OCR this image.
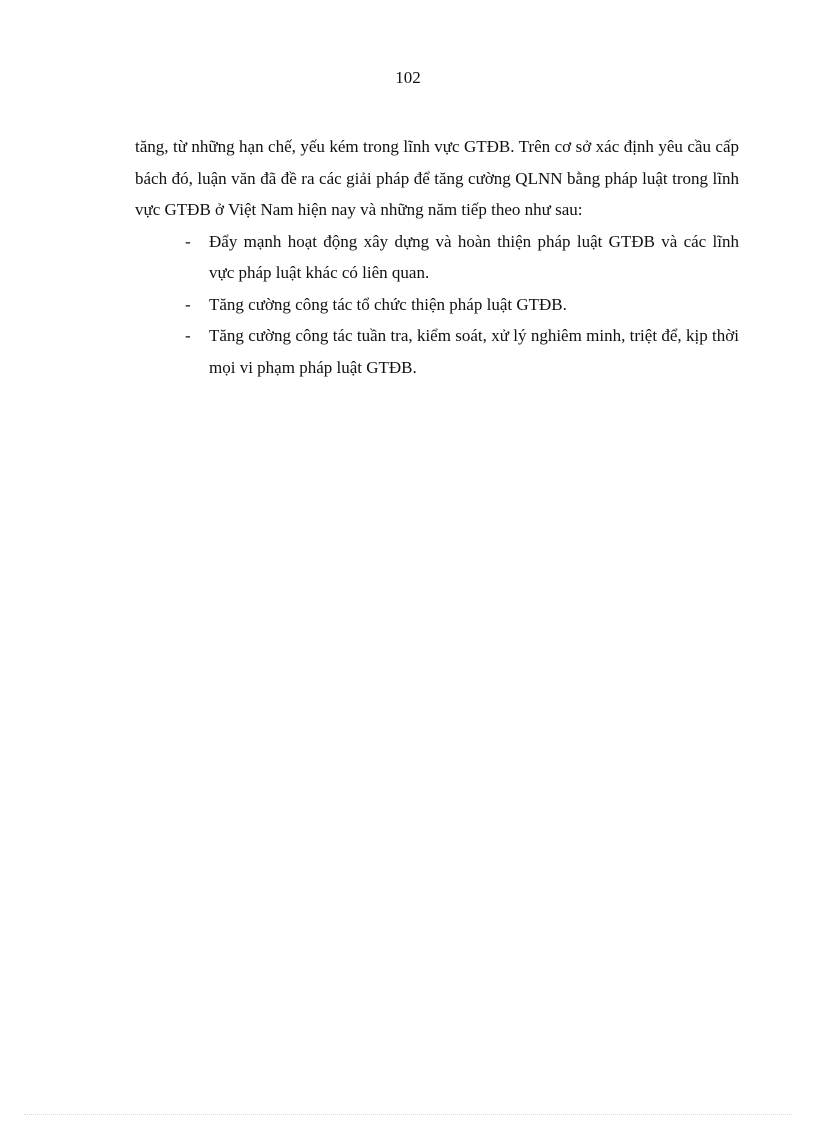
102

tăng, từ những hạn chế, yếu kém trong lĩnh vực GTĐB. Trên cơ sở xác định yêu cầu cấp bách đó, luận văn đã đề ra các giải pháp để tăng cường QLNN bằng pháp luật trong lĩnh vực GTĐB ở Việt Nam hiện nay và những năm tiếp theo như sau:

- Đẩy mạnh hoạt động xây dựng và hoàn thiện pháp luật GTĐB và các lĩnh vực pháp luật khác có liên quan.
- Tăng cường công tác tổ chức thiện pháp luật GTĐB.
- Tăng cường công tác tuần tra, kiểm soát, xử lý nghiêm minh, triệt để, kịp thời mọi vi phạm pháp luật GTĐB.
